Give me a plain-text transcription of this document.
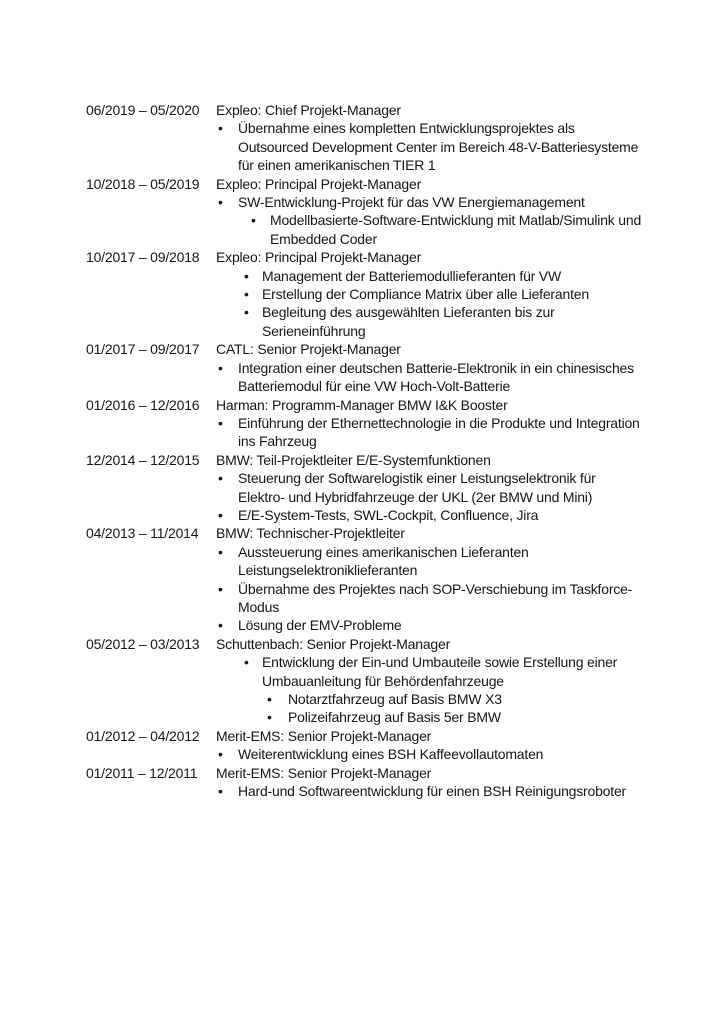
06/2019 – 05/2020	Expleo: Chief Projekt-Manager
•	Übernahme eines kompletten Entwicklungsprojektes als
Outsourced Development Center im Bereich 48-V-Batteriesysteme
für einen amerikanischen TIER 1
10/2018 – 05/2019	Expleo: Principal Projekt-Manager
•	SW-Entwicklung-Projekt für das VW Energiemanagement
•	Modellbasierte-Software-Entwicklung mit Matlab/Simulink und
Embedded Coder
10/2017 – 09/2018	Expleo: Principal Projekt-Manager
• Management der Batteriemodullieferanten für VW
• Erstellung der Compliance Matrix über alle Lieferanten
• Begleitung des ausgewählten Lieferanten bis zur
Serieneinführung
01/2017 – 09/2017	CATL: Senior Projekt-Manager
•	Integration einer deutschen Batterie-Elektronik in ein chinesisches
Batteriemodul für eine VW Hoch-Volt-Batterie
01/2016 – 12/2016	Harman: Programm-Manager BMW I&K Booster
•	Einführung der Ethernettechnologie in die Produkte und Integration
ins Fahrzeug
12/2014 – 12/2015	BMW: Teil-Projektleiter E/E-Systemfunktionen
•	Steuerung der Softwarelogistik einer Leistungselektronik für
Elektro- und Hybridfahrzeuge der UKL (2er BMW und Mini)
•	E/E-System-Tests, SWL-Cockpit, Confluence, Jira
04/2013 – 11/2014	BMW: Technischer-Projektleiter
•	Aussteuerung eines amerikanischen Lieferanten
Leistungselektroniklieferanten
•	Übernahme des Projektes nach SOP-Verschiebung im Taskforce-
Modus
•	Lösung der EMV-Probleme
05/2012 – 03/2013	Schuttenbach: Senior Projekt-Manager
• Entwicklung der Ein-und Umbauteile sowie Erstellung einer
Umbauanleitung für Behördenfahrzeuge
•	Notarztfahrzeug auf Basis BMW X3
•	Polizeifahrzeug auf Basis 5er BMW
01/2012 – 04/2012	Merit-EMS: Senior Projekt-Manager
•	Weiterentwicklung eines BSH Kaffeevollautomaten
01/2011 – 12/2011	Merit-EMS: Senior Projekt-Manager
•	Hard-und Softwareentwicklung für einen BSH Reinigungsroboter
